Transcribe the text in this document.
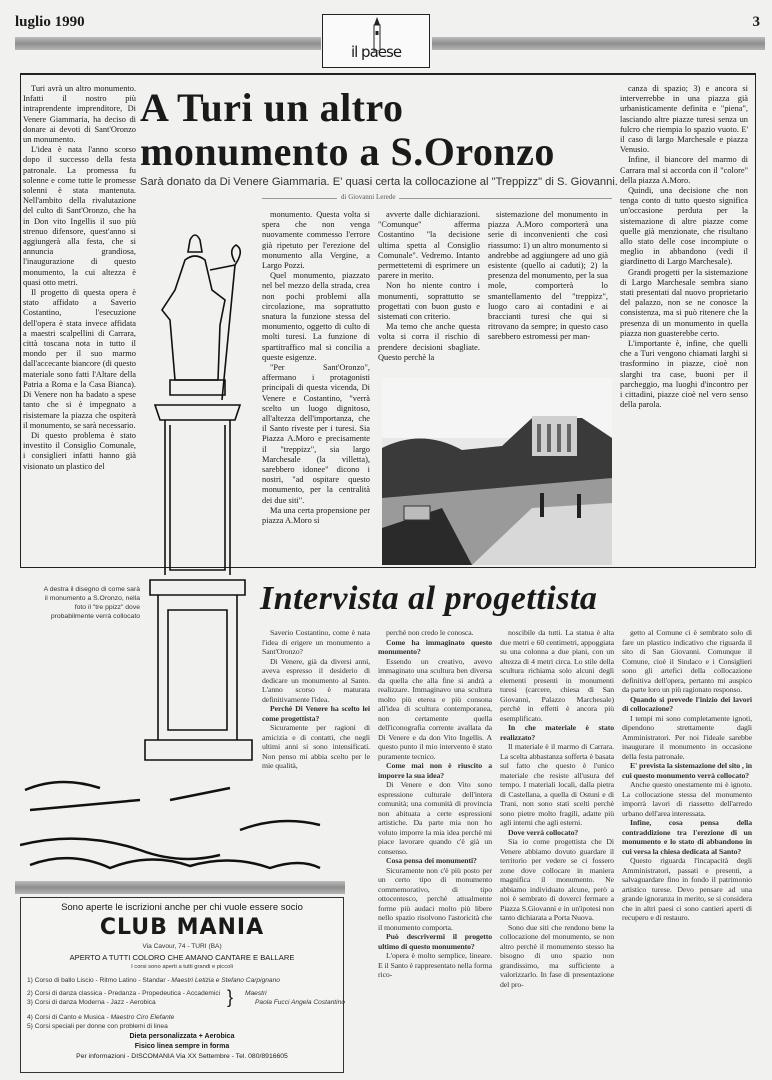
luglio 1990	3
il paese
A Turi un altro monumento a S.Oronzo
Sarà donato da Di Venere Giammaria. E' quasi certa la collocazione al "Treppizz" di S. Giovanni.
di Giovanni Lerede

Turi avrà un altro monumento. Infatti il nostro più intraprendente imprenditore, Di Venere Giammaria, ha deciso di donare ai devoti di Sant'Oronzo un monumento.

L'idea è nata l'anno scorso dopo il successo della festa patronale. La promessa fu solenne e come tutte le promesse solenni è stata mantenuta. Nell'ambito della rivalutazione del culto di Sant'Oronzo, che ha in Don vito Ingellis il suo più strenuo difensore, quest'anno si aggiungerà alla festa, che si annuncia grandiosa, l'inaugurazione di questo monumento, la cui altezza è quasi otto metri.

Il progetto di questa opera è stato affidato a Saverio Costantino, l'esecuzione dell'opera è stata invece affidata a maestri scalpellini di Carrara, città toscana nota in tutto il mondo per il suo marmo dall'accecante biancore (di questo materiale sono fatti l'Altare della Patria a Roma e la Casa Bianca). Di Venere non ha badato a spese tanto che si è impegnato a risistemare la piazza che ospiterà il monumento, se sarà necessario.

Di questo problema è stato investito il Consiglio Comunale, i consiglieri infatti hanno già visionato un plastico del

monumento. Questa volta si spera che non venga nuovamente commesso l'errore già ripetuto per l'erezione del monumento alla Vergine, a Largo Pozzi.

Quel monumento, piazzato nel bel mezzo della strada, crea non pochi problemi alla circolazione, ma soprattutto snatura la funzione stessa del monumento, oggetto di culto di molti turesi. La funzione di spartitraffico mal si concilia a queste esigenze.

"Per Sant'Oronzo", affermano i protagonisti principali di questa vicenda, Di Venere e Costantino, "verrà scelto un luogo dignitoso, all'altezza dell'importanza, che il Santo riveste per i turesi. Sia Piazza A.Moro e precisamente il "treppizz", sia largo Marchesale (la villetta), sarebbero idonee" dicono i nostri, "ad ospitare questo monumento, per la centralità dei due siti".

Ma una certa propensione per piazza A.Moro si

avverte dalle dichiarazioni. "Comunque" afferma Costantino "la decisione ultima spetta al Consiglio Comunale". Vedremo. Intanto permettetemi di esprimere un parere in merito.

Non ho niente contro i monumenti, soprattutto se progettati con buon gusto e sistemati con criterio.

Ma temo che anche questa volta si corra il rischio di prendere decisioni sbagliate. Questo perchè la

sistemazione del monumento in piazza A.Moro comporterà una serie di inconvenienti che così riassumo: 1) un altro monumento si andrebbe ad aggiungere ad uno già esistente (quello ai caduti); 2) la presenza del monumento, per la sua mole, comporterà lo smantellamento del "treppizz", luogo caro ai contadini e ai braccianti turesi che qui si ritrovano da sempre; in questo caso sarebbero estromessi per man-

canza di spazio; 3) e ancora si interverrebbe in una piazza già urbanisticamente definita e "piena", lasciando altre piazze turesi senza un fulcro che riempia lo spazio vuoto. E' il caso di largo Marchesale e piazza Venusio.

Infine, il biancore del marmo di Carrara mal si accorda con il "colore" della piazza A.Moro.

Quindi, una decisione che non tenga conto di tutto questo significa un'occasione perduta per la sistemazione di altre piazze come quelle già menzionate, che risultano allo stato delle cose incompiute o meglio in abbandono (vedi il giardinetto di Largo Marchesale).

Grandi progetti per la sistemazione di Largo Marchesale sembra siano stati presentati dal nuovo proprietario del palazzo, non se ne conosce la consistenza, ma si può ritenere che la presenza di un monumento in quella piazza non guasterebbe certo.

L'importante è, infine, che quelli che a Turi vengono chiamati larghi si trasformino in piazze, cioè non slarghi tra case, buoni per il parcheggio, ma luoghi d'incontro per i cittadini, piazze cioè nel vero senso della parola.

A destra il disegno di come sarà il monumento a S.Oronzo, nella foto il "tre ppizz" dove probabilmente verrà collocato	Intervista al progettista

Saverio Costantino, come è nata l'idea di erigere un monumento a Sant'Oronzo?

Di Venere, già da diversi anni, aveva espresso il desiderio di dedicare un monumento al Santo. L'anno scorso è maturata definitivamente l'idea.

Perchè Di Venere ha scelto lei come progettista?

Sicuramente per ragioni di amicizia e di contatti, che negli ultimi anni si sono intensificati. Non penso mi abbia scelto per le mie qualità,

perchè non credo le conosca.

Come ha immaginato questo monumento?

Essendo un creativo, avevo immaginato una scultura ben diversa da quella che alla fine si andrà a realizzare. Immaginavo una scultura molto più eterea e più consona all'idea di scultura contemporanea, non certamente quella dell'iconografia corrente avallata da Di Venere e da don Vito Ingellis. A questo punto il mio intervento è stato puramente tecnico.

Come mai non è riuscito a imporre la sua idea?

Di Venere e don Vito sono espressione culturale dell'intera comunità; una comunità di provincia non abituata a certe espressioni artistiche. Da parte mia non ho voluto imporre la mia idea perchè mi piace lavorare quando c'è già un consenso.

Cosa pensa dei monumenti?

Sicuramente non c'è più posto per un certo tipo di monumento commemorativo, di tipo ottocentesco, perchè attualmente forme più audaci molto più libere nello spazio risolvono l'astoricità che il monumento comporta.

Può descrivermi il progetto ultimo di questo monumento?

L'opera è molto semplice, lineare. E il Santo è rappresentato nella forma rico-

noscibile da tutti. La statua è alta due metri e 60 centimetri, appoggiata su una colonna a due piani, con un altezza di 4 metri circa. Lo stile della scultura richiama solo alcuni degli elementi presenti in monumenti turesi (carcere, chiesa di San Giovanni, Palazzo Marchesale) perchè in effetti è ancora più esemplificato.

In che materiale è stato realizzato?

Il materiale è il marmo di Carrara. La scelta abbastanza sofferta è basata sul fatto che questo è l'unico materiale che resiste all'usura del tempo. I materiali locali, dalla pietra di Castellana, a quella di Ostuni e di Trani, non sono stati scelti perchè sono pietre molto fragili, adatte più agli interni che agli esterni.

Dove verrà collocato?

Sia io come progettista che Di Venere abbiamo dovuto guardare il territorio per vedere se ci fossero zone dove collocare in maniera magnifica il monumento. Ne abbiamo individuato alcune, però a noi è sembrato di doverci fermare a Piazza S.Giovanni e in un'ipotesi non tanto dichiarata a Porta Nuova.

Sono due siti che rendono bene la collocazione del monumento, se non altro perchè il monumento stesso ha bisogno di uno spazio non grandissimo, ma sufficiente a valorizzarlo. In fase di presentazione del pro-

getto al Comune ci è sembrato solo di fare un plastico indicativo che riguarda il sito di San Giovanni. Comunque il Comune, cioè il Sindaco e i Consiglieri sono gli artefici della collocazione definitiva dell'opera, pertanto mi auspico da parte loro un più ragionato responso.

Quando si prevede l'inizio dei lavori di collocazione?

I tempi mi sono completamente ignoti, dipendono strettamente dagli Amministratori. Per noi l'ideale sarebbe inaugurare il monumento in occasione della festa patronale.

E' prevista la sistemazione del sito , in cui questo monumento verrà collocato?

Anche questo onestamente mi è ignoto. La collocazione stessa del monumento imporrà lavori di riassetto dell'arredo urbano dell'area interessata.

Infine, cosa pensa della contraddizione tra l'erezione di un monumento e lo stato di abbandono in cui versa la chiesa dedicata al Santo?

Questo riguarda l'incapacità degli Amministratori, passati e presenti, a salvaguardare fino in fondo il patrimonio artistico turese. Devo pensare ad una grande ignoranza in merito, se si considera che in altri paesi ci sono cantieri aperti di recupero e di restauro.

Sono aperte le iscrizioni anche per chi vuole essere socio
CLUB MANIA
Via Cavour, 74 - TURI (BA)
APERTO A TUTTI COLORO CHE AMANO CANTARE E BALLARE
I corsi sono aperti a tutti grandi e piccoli
1) Corso di ballo Liscio - Ritmo Latino - Standar - Maestri Letizia e Stefano Carpignano
2) Corsi di danza classica - Predanza - Propedeutica - Accademici
3) Corsi di danza Moderna - Jazz - Aerobica	} Maestri
Paola Fucci Angela Costantino
4) Corsi di Canto e Musica - Maestro Ciro Elefante
5) Corsi speciali per donne con problemi di linea
Dieta personalizzata + Aerobica
Fisico linea sempre in forma
Per informazioni - DISCOMANIA Via XX Settembre - Tel. 080/8916605
